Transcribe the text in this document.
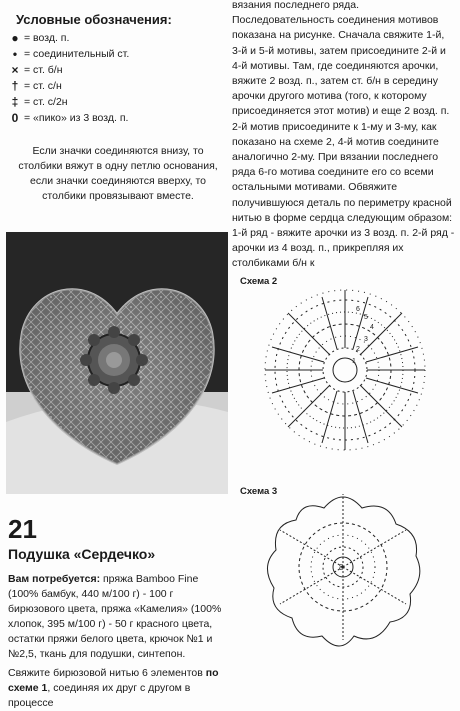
Условные обозначения:
● = возд. п.
• = соединительный ст.
× = ст. б/н
† = ст. с/н
‡ = ст. с/2н
0 = «пико» из 3 возд. п.
Если значки соединяются внизу, то столбики вяжут в одну петлю основания, если значки соединяются вверху, то столбики провязывают вместе.
вязания последнего ряда. Последовательность соединения мотивов показана на рисунке. Сначала свяжите 1-й, 3-й и 5-й мотивы, затем присоедините 2-й и 4-й мотивы. Там, где соединяются арочки, вяжите 2 возд. п., затем ст. б/н в середину арочки другого мотива (того, к которому присоединяется этот мотив) и еще 2 возд. п. 2-й мотив присоедините к 1-му и 3-му, как показано на схеме 2, 4-й мотив соедините аналогично 2-му. При вязании последнего ряда 6-го мотива соедините его со всеми остальными мотивами. Обвяжите получившуюся деталь по периметру красной нитью в форме сердца следующим образом: 1-й ряд - вяжите арочки из 3 возд. п. 2-й ряд - арочки из 4 возд. п., прикрепляя их столбиками б/н к
21
Подушка «Сердечко»
Вам потребуется: пряжа Bamboo Fine (100% бамбук, 440 м/100 г) - 100 г бирюзового цвета, пряжа «Камелия» (100% хлопок, 395 м/100 г) - 50 г красного цвета, остатки пряжи белого цвета, крючок №1 и №2,5, ткань для подушки, синтепон.
Свяжите бирюзовой нитью 6 элементов по схеме 1, соединяя их друг с другом в процессе
Схема 2
6
5
4
3
2
1
Схема 3
8
